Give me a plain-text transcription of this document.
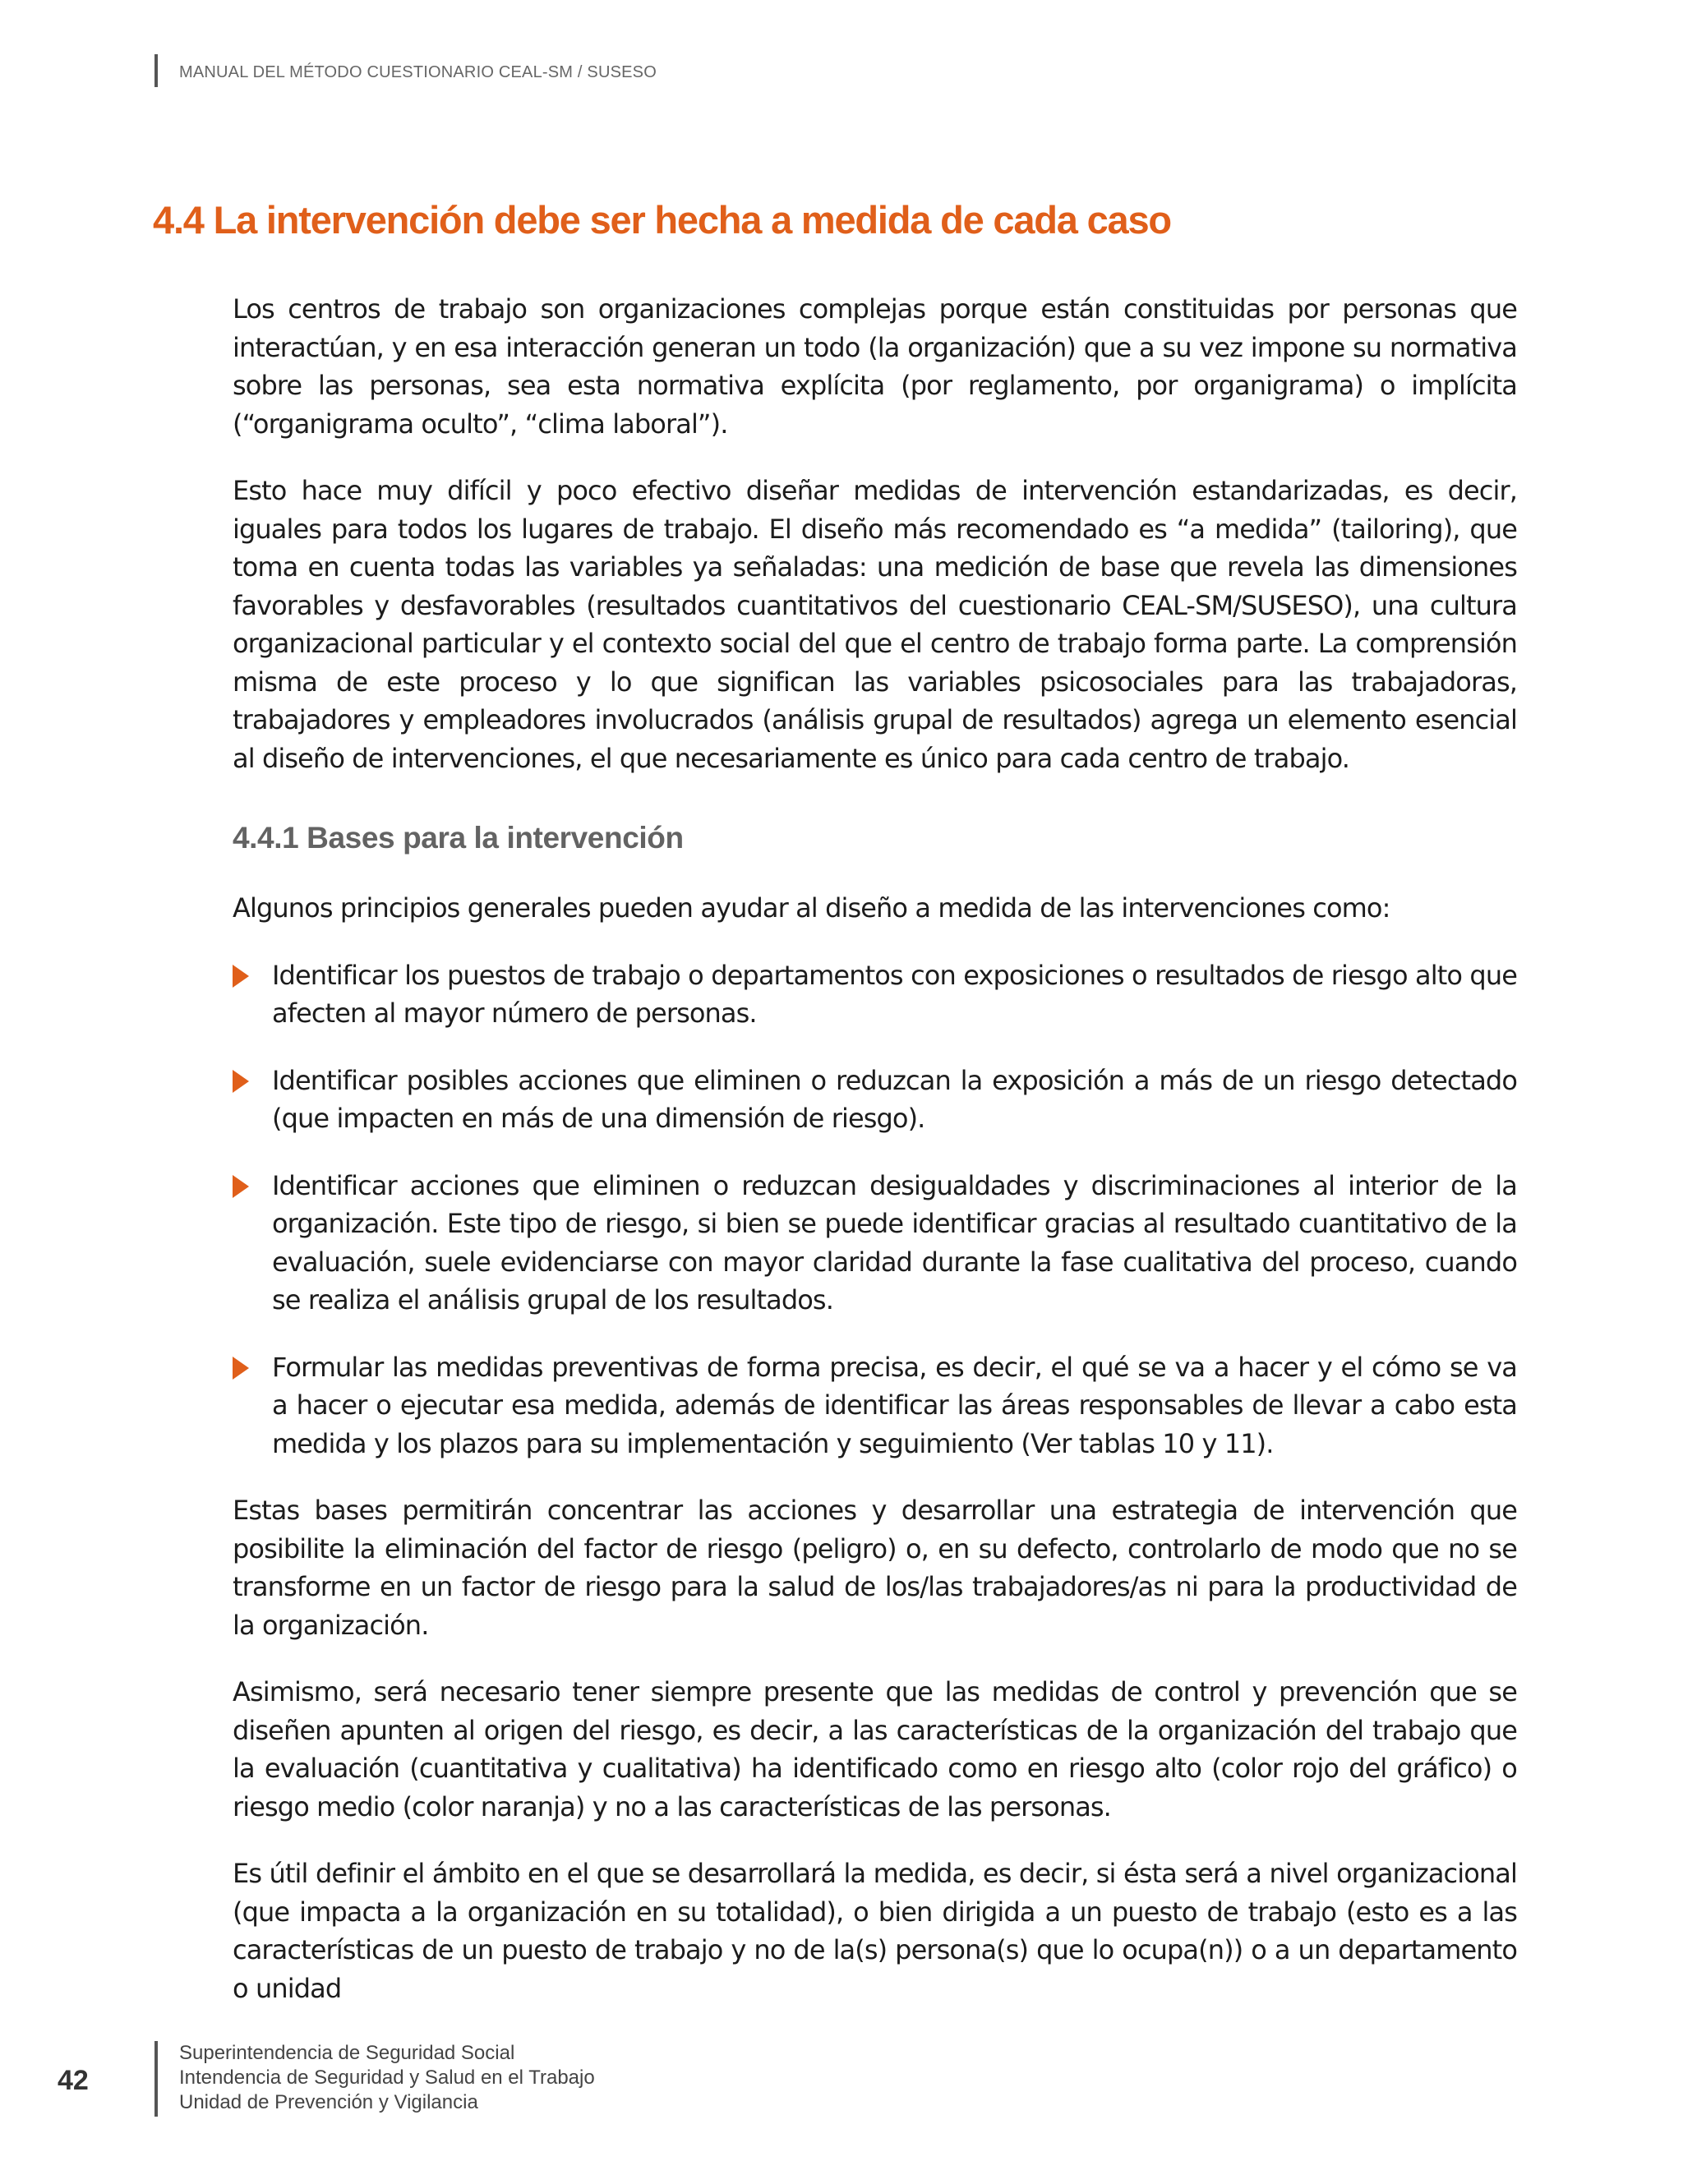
MANUAL DEL MÉTODO CUESTIONARIO CEAL-SM / SUSESO
4.4 La intervención debe ser hecha a medida de cada caso

Los centros de trabajo son organizaciones complejas porque están constituidas por personas que interactúan, y en esa interacción generan un todo (la organización) que a su vez impone su normativa sobre las personas, sea esta normativa explícita (por reglamento, por organigrama) o implícita (“organigrama oculto”, “clima laboral”).

Esto hace muy difícil y poco efectivo diseñar medidas de intervención estandarizadas, es decir, iguales para todos los lugares de trabajo. El diseño más recomendado es “a medida” (tailoring), que toma en cuenta todas las variables ya señaladas: una medición de base que revela las dimensiones favorables y desfavorables (resultados cuantitativos del cuestionario CEAL-SM/SUSESO), una cultura organizacional particular y el contexto social del que el centro de trabajo forma parte. La comprensión misma de este proceso y lo que significan las variables psicosociales para las trabajadoras, trabajadores y empleadores involucrados (análisis grupal de resultados) agrega un elemento esencial al diseño de intervenciones, el que necesariamente es único para cada centro de trabajo.

4.4.1 Bases para la intervención

Algunos principios generales pueden ayudar al diseño a medida de las intervenciones como:

Identificar los puestos de trabajo o departamentos con exposiciones o resultados de riesgo alto que afecten al mayor número de personas.
Identificar posibles acciones que eliminen o reduzcan la exposición a más de un riesgo detectado (que impacten en más de una dimensión de riesgo).
Identificar acciones que eliminen o reduzcan desigualdades y discriminaciones al interior de la organización. Este tipo de riesgo, si bien se puede identificar gracias al resultado cuantitativo de la evaluación, suele evidenciarse con mayor claridad durante la fase cualitativa del proceso, cuando se realiza el análisis grupal de los resultados.
Formular las medidas preventivas de forma precisa, es decir, el qué se va a hacer y el cómo se va a hacer o ejecutar esa medida, además de identificar las áreas responsables de llevar a cabo esta medida y los plazos para su implementación y seguimiento (Ver tablas 10 y 11).

Estas bases permitirán concentrar las acciones y desarrollar una estrategia de intervención que posibilite la eliminación del factor de riesgo (peligro) o, en su defecto, controlarlo de modo que no se transforme en un factor de riesgo para la salud de los/las trabajadores/as ni para la productividad de la organización.

Asimismo, será necesario tener siempre presente que las medidas de control y prevención que se diseñen apunten al origen del riesgo, es decir, a las características de la organización del trabajo que la evaluación (cuantitativa y cualitativa) ha identificado como en riesgo alto (color rojo del gráfico) o riesgo medio (color naranja) y no a las características de las personas.

Es útil definir el ámbito en el que se desarrollará la medida, es decir, si ésta será a nivel organizacional (que impacta a la organización en su totalidad), o bien dirigida a un puesto de trabajo (esto es a las características de un puesto de trabajo y no de la(s) persona(s) que lo ocupa(n)) o a un departamento o unidad

42
Superintendencia de Seguridad Social
Intendencia de Seguridad y Salud en el Trabajo
Unidad de Prevención y Vigilancia
